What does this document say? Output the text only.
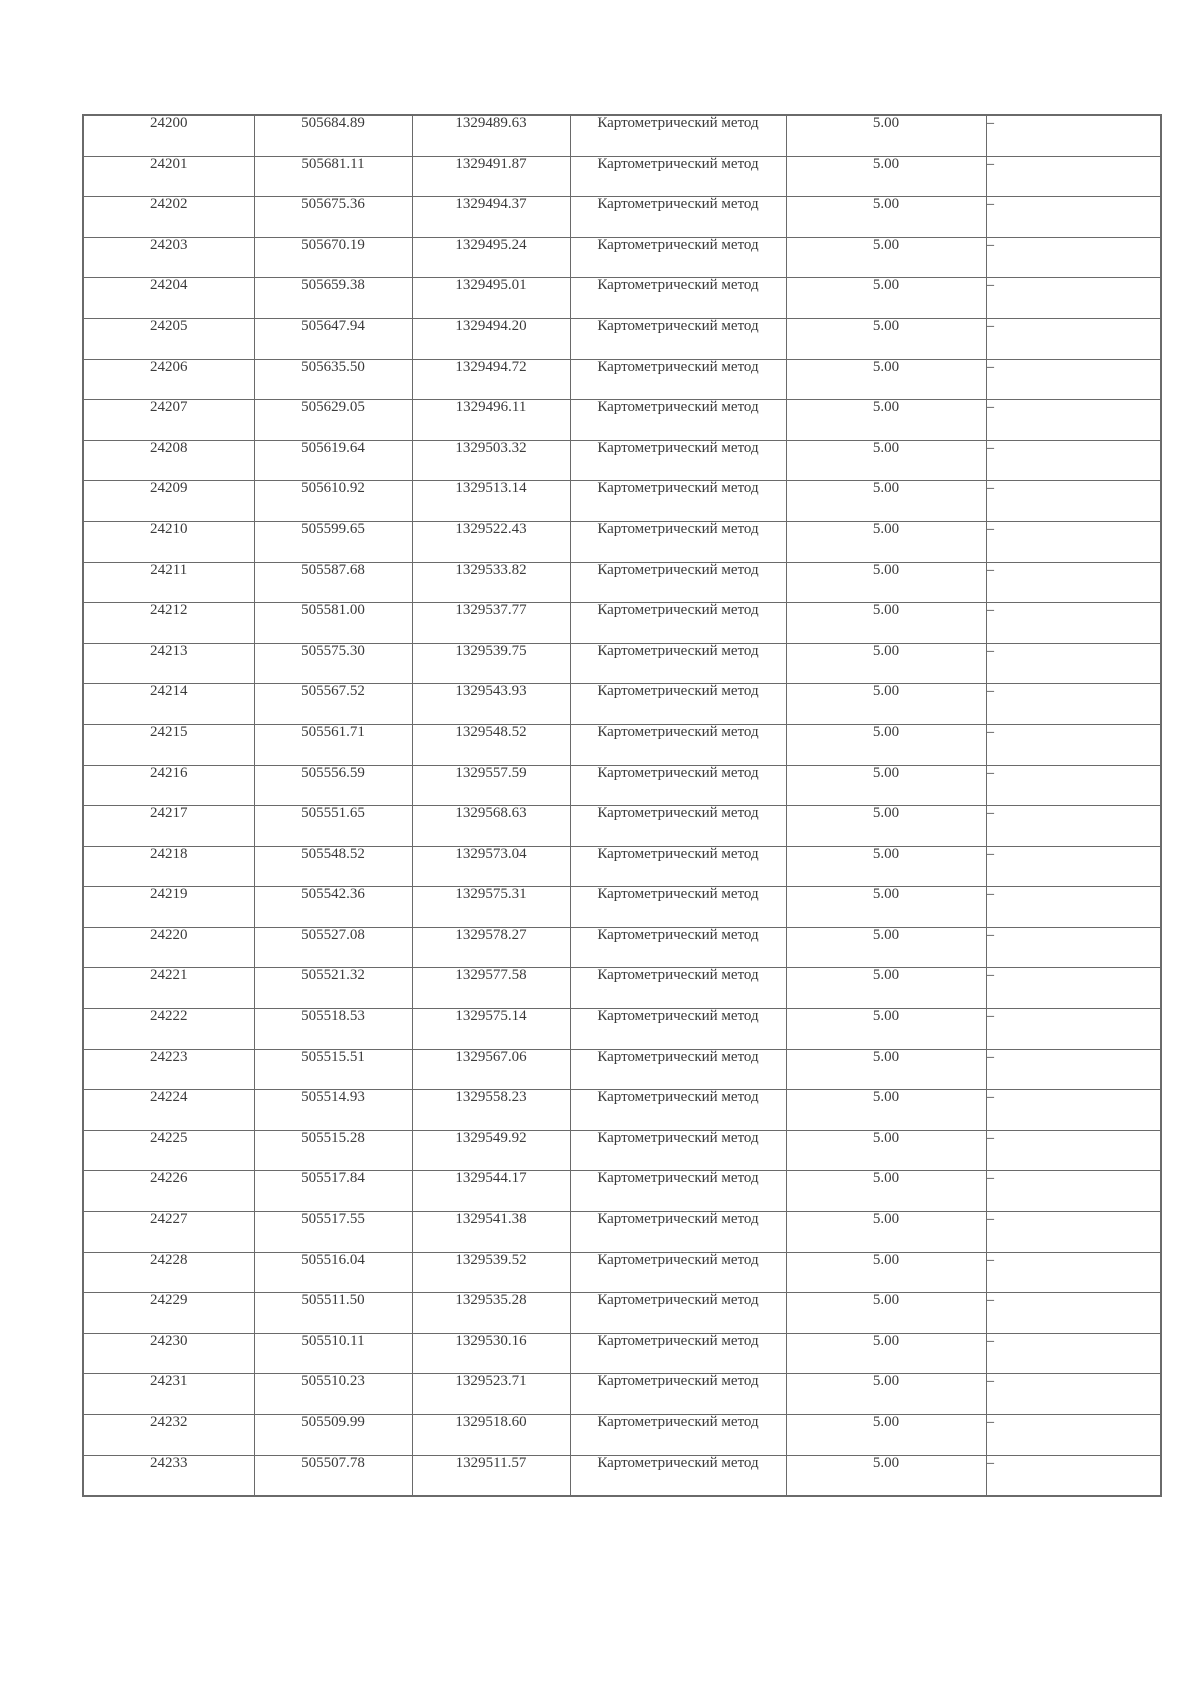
24200	505684.89	1329489.63	Картометрический метод	5.00	–
24201	505681.11	1329491.87	Картометрический метод	5.00	–
24202	505675.36	1329494.37	Картометрический метод	5.00	–
24203	505670.19	1329495.24	Картометрический метод	5.00	–
24204	505659.38	1329495.01	Картометрический метод	5.00	–
24205	505647.94	1329494.20	Картометрический метод	5.00	–
24206	505635.50	1329494.72	Картометрический метод	5.00	–
24207	505629.05	1329496.11	Картометрический метод	5.00	–
24208	505619.64	1329503.32	Картометрический метод	5.00	–
24209	505610.92	1329513.14	Картометрический метод	5.00	–
24210	505599.65	1329522.43	Картометрический метод	5.00	–
24211	505587.68	1329533.82	Картометрический метод	5.00	–
24212	505581.00	1329537.77	Картометрический метод	5.00	–
24213	505575.30	1329539.75	Картометрический метод	5.00	–
24214	505567.52	1329543.93	Картометрический метод	5.00	–
24215	505561.71	1329548.52	Картометрический метод	5.00	–
24216	505556.59	1329557.59	Картометрический метод	5.00	–
24217	505551.65	1329568.63	Картометрический метод	5.00	–
24218	505548.52	1329573.04	Картометрический метод	5.00	–
24219	505542.36	1329575.31	Картометрический метод	5.00	–
24220	505527.08	1329578.27	Картометрический метод	5.00	–
24221	505521.32	1329577.58	Картометрический метод	5.00	–
24222	505518.53	1329575.14	Картометрический метод	5.00	–
24223	505515.51	1329567.06	Картометрический метод	5.00	–
24224	505514.93	1329558.23	Картометрический метод	5.00	–
24225	505515.28	1329549.92	Картометрический метод	5.00	–
24226	505517.84	1329544.17	Картометрический метод	5.00	–
24227	505517.55	1329541.38	Картометрический метод	5.00	–
24228	505516.04	1329539.52	Картометрический метод	5.00	–
24229	505511.50	1329535.28	Картометрический метод	5.00	–
24230	505510.11	1329530.16	Картометрический метод	5.00	–
24231	505510.23	1329523.71	Картометрический метод	5.00	–
24232	505509.99	1329518.60	Картометрический метод	5.00	–
24233	505507.78	1329511.57	Картометрический метод	5.00	–
